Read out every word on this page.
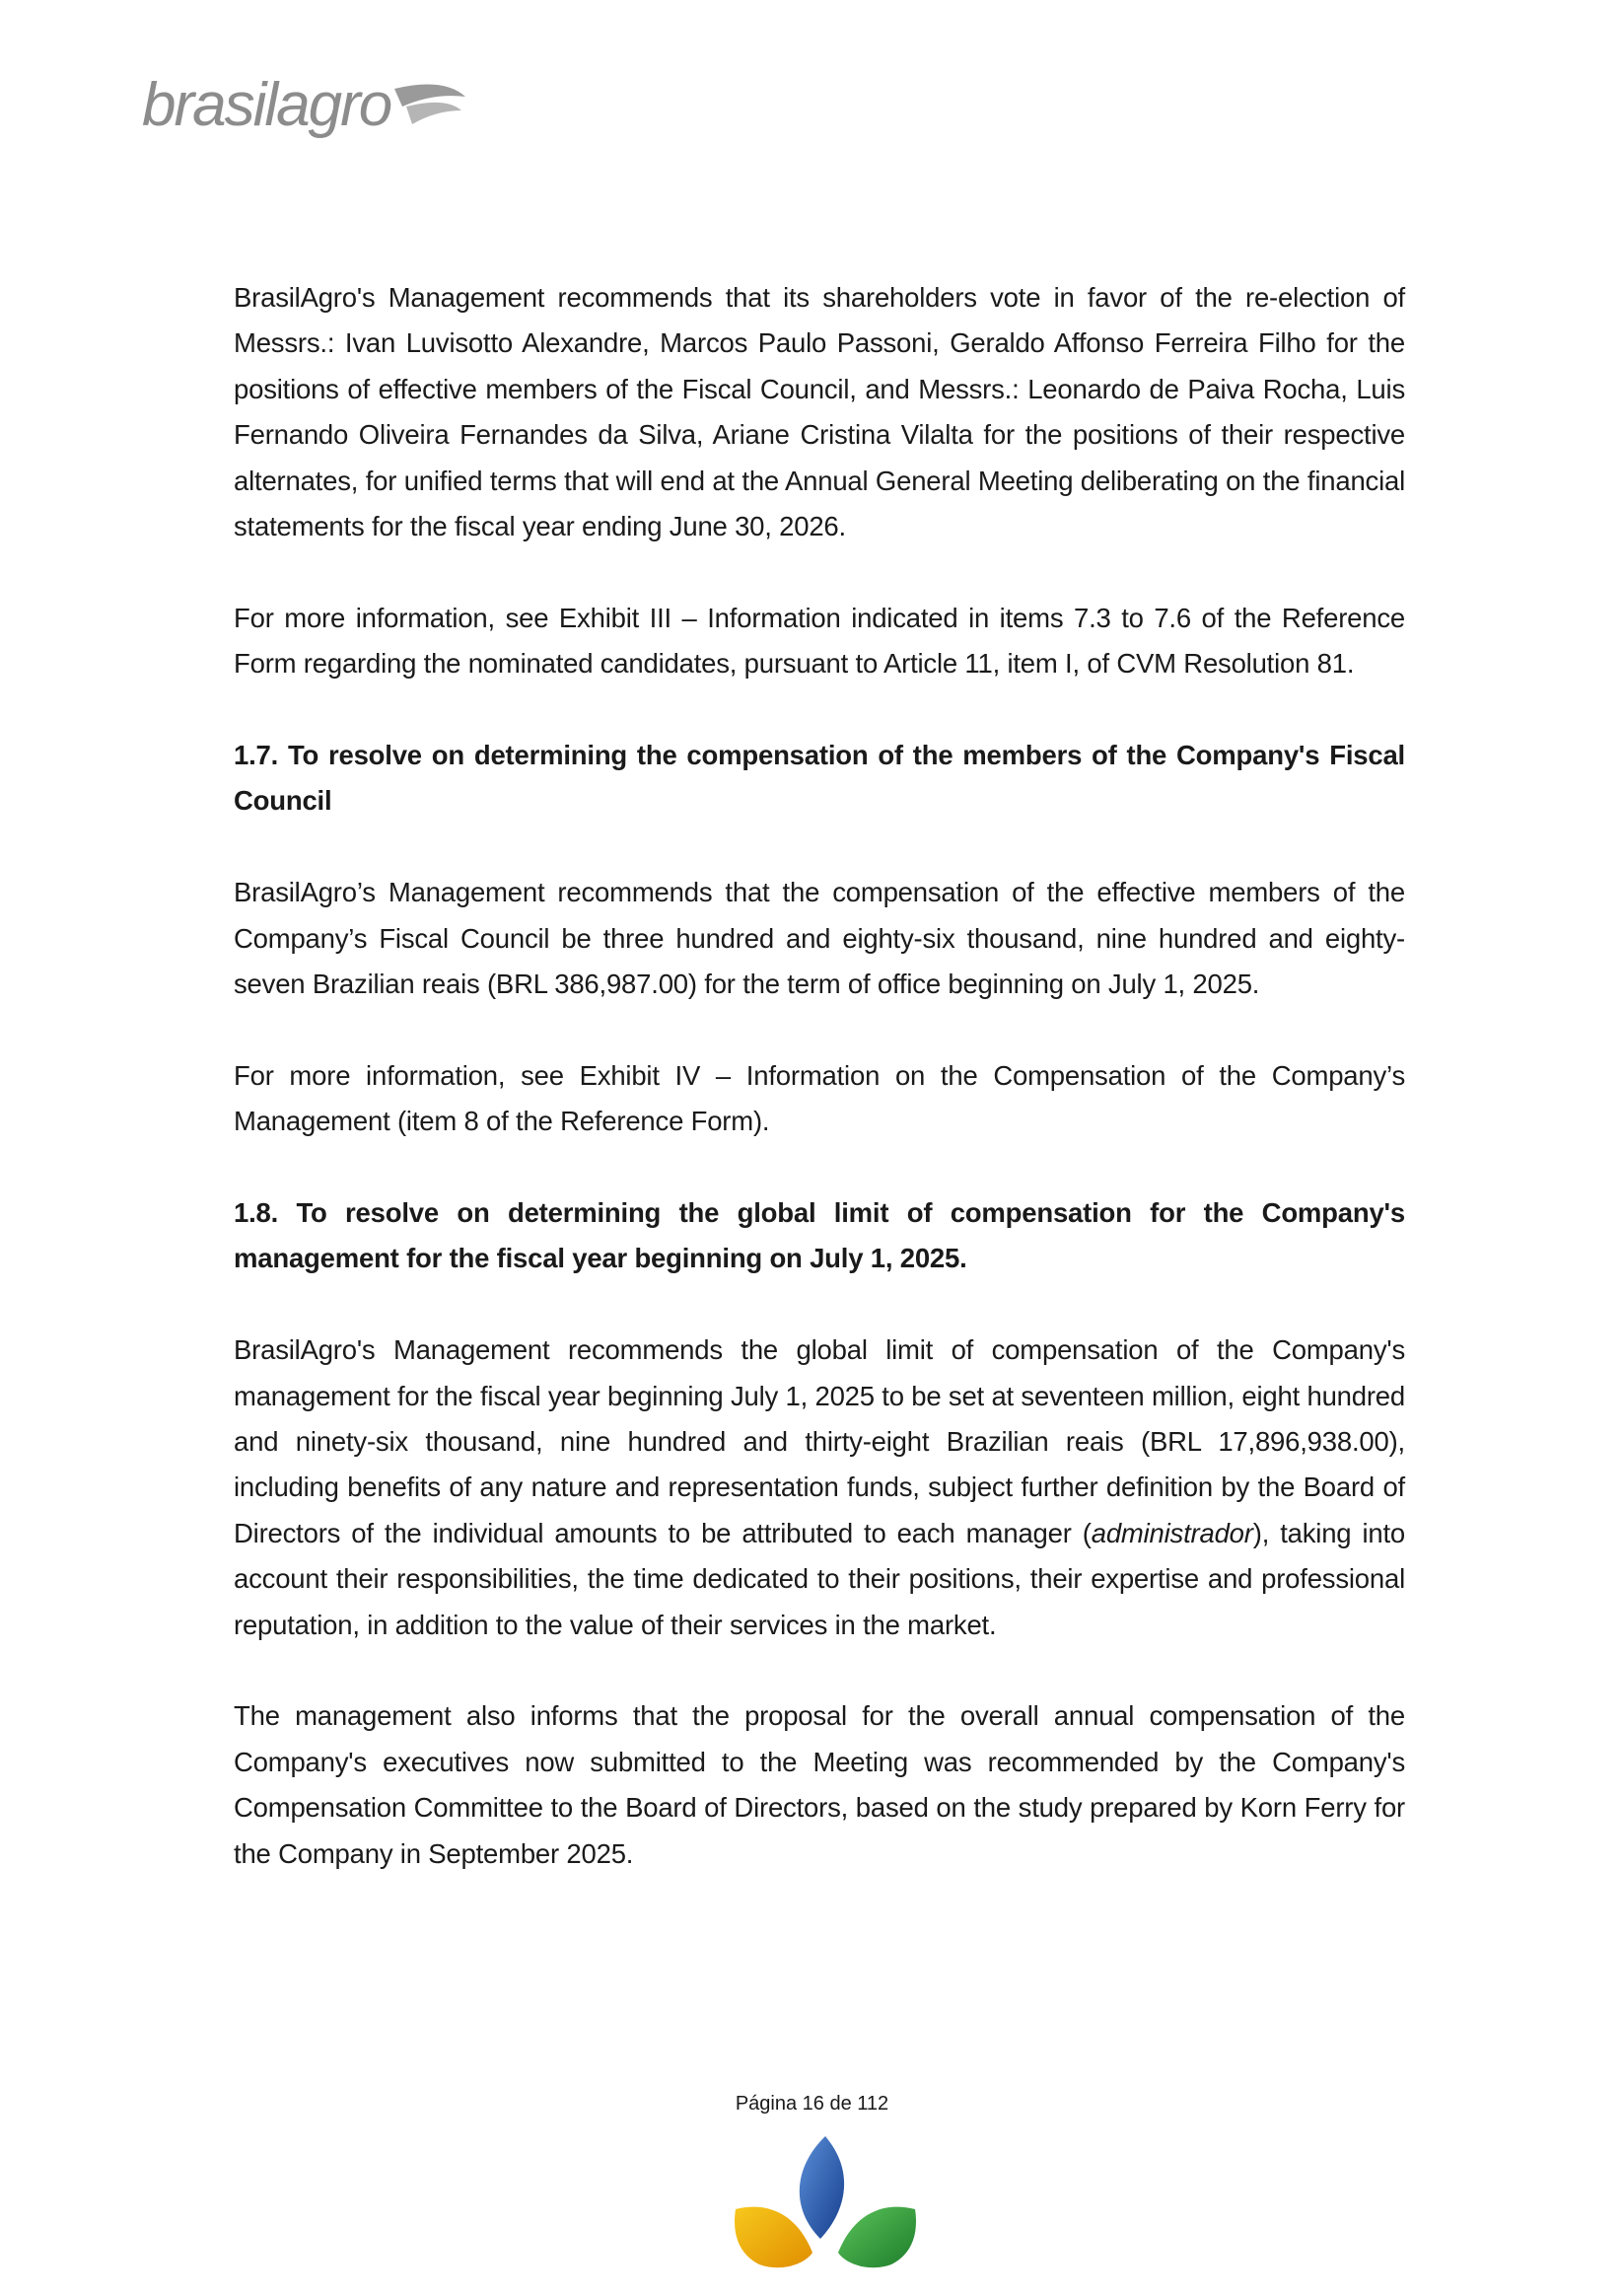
brasilagro

BrasilAgro's Management recommends that its shareholders vote in favor of the re-election of Messrs.: Ivan Luvisotto Alexandre, Marcos Paulo Passoni, Geraldo Affonso Ferreira Filho for the positions of effective members of the Fiscal Council, and Messrs.: Leonardo de Paiva Rocha, Luis Fernando Oliveira Fernandes da Silva, Ariane Cristina Vilalta for the positions of their respective alternates, for unified terms that will end at the Annual General Meeting deliberating on the financial statements for the fiscal year ending June 30, 2026.

For more information, see Exhibit III – Information indicated in items 7.3 to 7.6 of the Reference Form regarding the nominated candidates, pursuant to Article 11, item I, of CVM Resolution 81.

1.7. To resolve on determining the compensation of the members of the Company's Fiscal Council

BrasilAgro’s Management recommends that the compensation of the effective members of the Company’s Fiscal Council be three hundred and eighty-six thousand, nine hundred and eighty-seven Brazilian reais (BRL 386,987.00) for the term of office beginning on July 1, 2025.

For more information, see Exhibit IV – Information on the Compensation of the Company’s Management (item 8 of the Reference Form).

1.8. To resolve on determining the global limit of compensation for the Company's management for the fiscal year beginning on July 1, 2025.

BrasilAgro's Management recommends the global limit of compensation of the Company's management for the fiscal year beginning July 1, 2025 to be set at seventeen million, eight hundred and ninety-six thousand, nine hundred and thirty-eight Brazilian reais (BRL 17,896,938.00), including benefits of any nature and representation funds, subject further definition by the Board of Directors of the individual amounts to be attributed to each manager (administrador), taking into account their responsibilities, the time dedicated to their positions, their expertise and professional reputation, in addition to the value of their services in the market.

The management also informs that the proposal for the overall annual compensation of the Company's executives now submitted to the Meeting was recommended by the Company's Compensation Committee to the Board of Directors, based on the study prepared by Korn Ferry for the Company in September 2025.

Página 16 de 112
